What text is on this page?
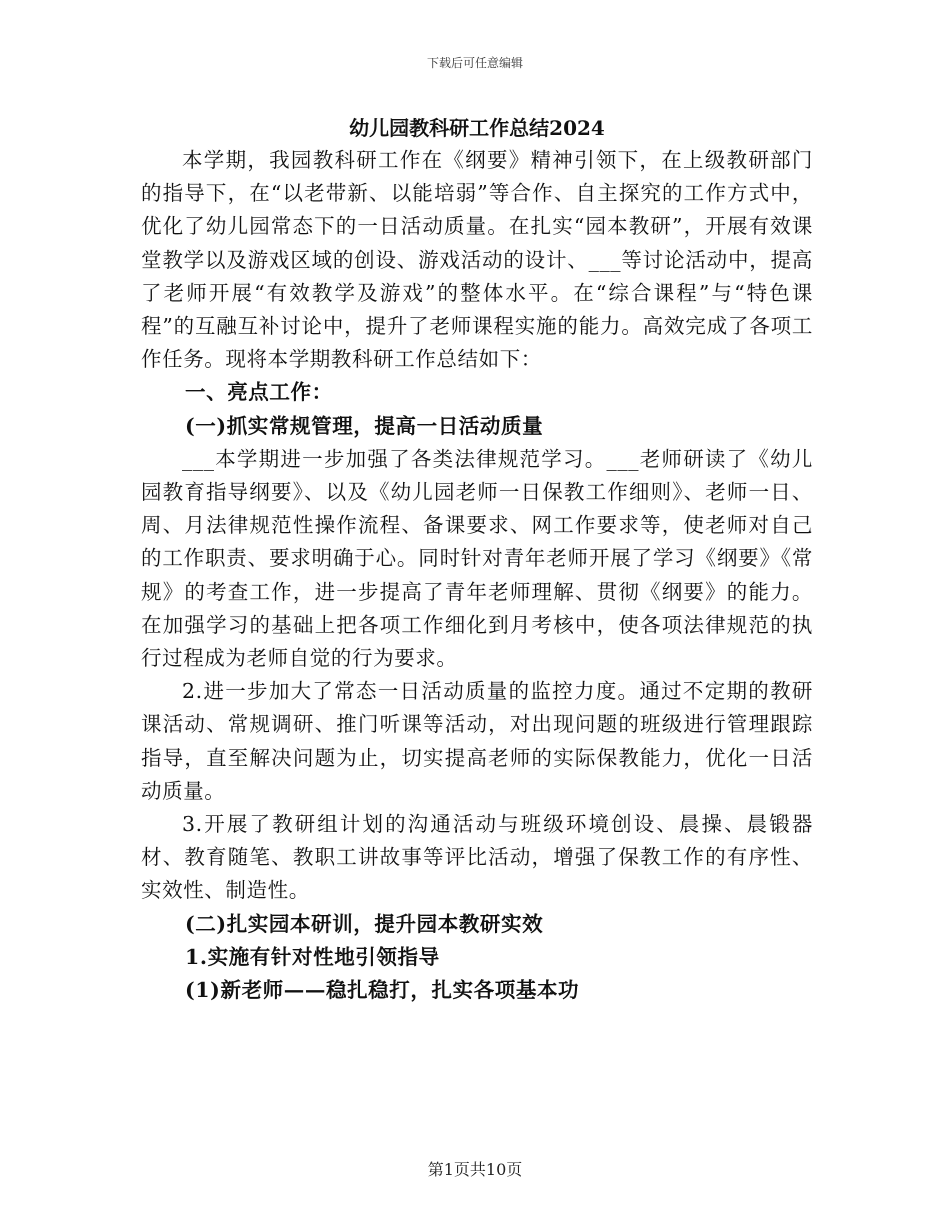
下载后可任意编辑
幼儿园教科研工作总结2024

本学期，我园教科研工作在《纲要》精神引领下，在上级教研部门的指导下，在“以老带新、以能培弱”等合作、自主探究的工作方式中，优化了幼儿园常态下的一日活动质量。在扎实“园本教研”，开展有效课堂教学以及游戏区域的创设、游戏活动的设计、___等讨论活动中，提高了老师开展“有效教学及游戏”的整体水平。在“综合课程”与“特色课程”的互融互补讨论中，提升了老师课程实施的能力。高效完成了各项工作任务。现将本学期教科研工作总结如下：

一、亮点工作：

(一)抓实常规管理，提高一日活动质量

___本学期进一步加强了各类法律规范学习。___老师研读了《幼儿园教育指导纲要》、以及《幼儿园老师一日保教工作细则》、老师一日、周、月法律规范性操作流程、备课要求、网工作要求等，使老师对自己的工作职责、要求明确于心。同时针对青年老师开展了学习《纲要》《常规》的考查工作，进一步提高了青年老师理解、贯彻《纲要》的能力。在加强学习的基础上把各项工作细化到月考核中，使各项法律规范的执行过程成为老师自觉的行为要求。

2.进一步加大了常态一日活动质量的监控力度。通过不定期的教研课活动、常规调研、推门听课等活动，对出现问题的班级进行管理跟踪指导，直至解决问题为止，切实提高老师的实际保教能力，优化一日活动质量。

3.开展了教研组计划的沟通活动与班级环境创设、晨操、晨锻器材、教育随笔、教职工讲故事等评比活动，增强了保教工作的有序性、实效性、制造性。

(二)扎实园本研训，提升园本教研实效

1.实施有针对性地引领指导

(1)新老师——稳扎稳打，扎实各项基本功

第1页共10页
